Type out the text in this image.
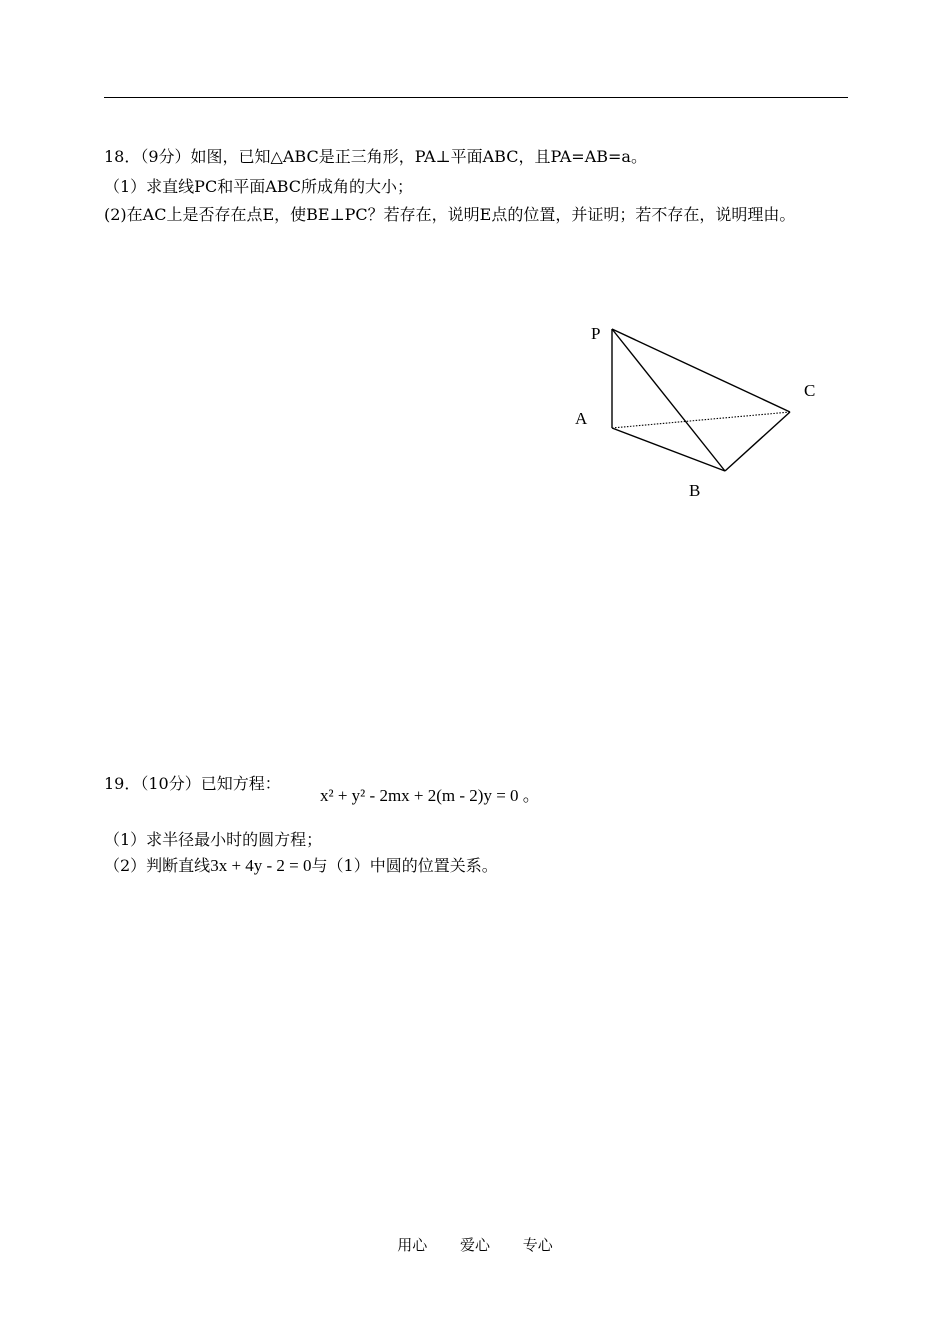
18．（9分）如图，已知△ABC是正三角形，PA⊥平面ABC，且PA=AB=a。
（1）求直线PC和平面ABC所成角的大小；
(2)在AC上是否存在点E，使BE⊥PC？若存在，说明E点的位置，并证明；若不存在，说明理由。
P
A
B
C
19．（10分）已知方程：
x² + y² - 2mx + 2(m - 2)y = 0 。
（1）求半径最小时的圆方程；
（2）判断直线3x + 4y - 2 = 0与（1）中圆的位置关系。
用心 爱心 专心
